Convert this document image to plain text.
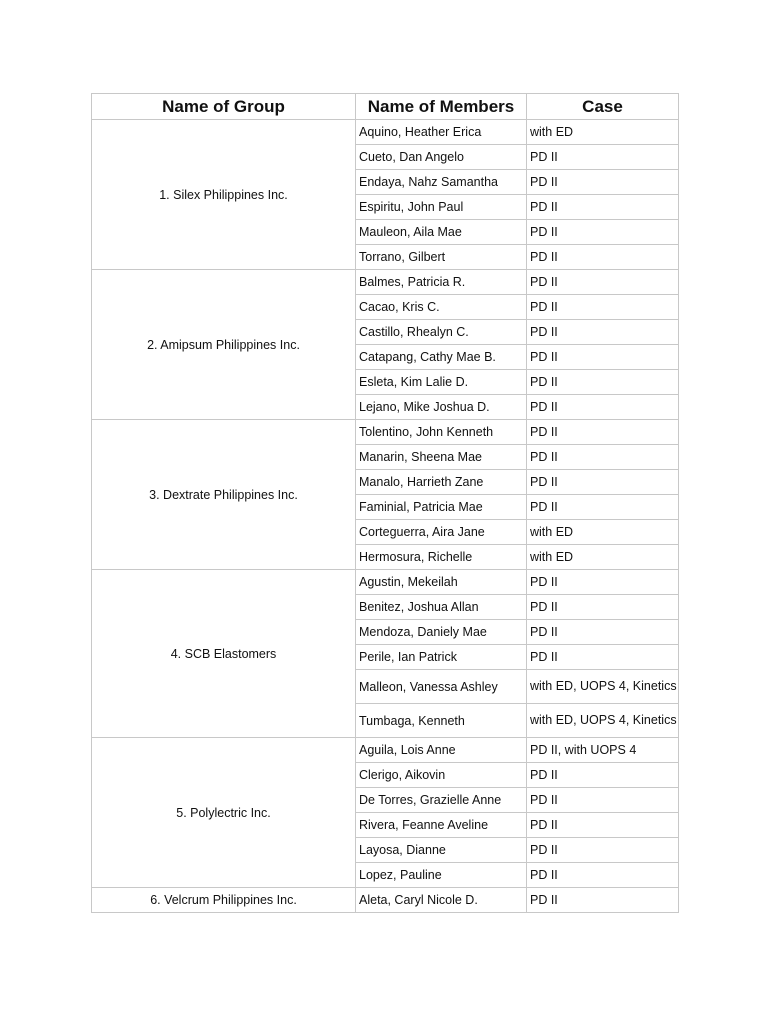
Name of Group	Name of Members	Case
1. Silex Philippines Inc.	Aquino, Heather Erica	with ED
	Cueto, Dan Angelo	PD II
	Endaya, Nahz Samantha	PD II
	Espiritu, John Paul	PD II
	Mauleon, Aila Mae	PD II
	Torrano, Gilbert	PD II
2. Amipsum Philippines Inc.	Balmes, Patricia R.	PD II
	Cacao, Kris C.	PD II
	Castillo, Rhealyn C.	PD II
	Catapang, Cathy Mae B.	PD II
	Esleta, Kim Lalie D.	PD II
	Lejano, Mike Joshua D.	PD II
3. Dextrate Philippines Inc.	Tolentino, John Kenneth	PD II
	Manarin, Sheena Mae	PD II
	Manalo, Harrieth Zane	PD II
	Faminial, Patricia Mae	PD II
	Corteguerra, Aira Jane	with ED
	Hermosura, Richelle	with ED
4. SCB Elastomers	Agustin, Mekeilah	PD II
	Benitez, Joshua Allan	PD II
	Mendoza, Daniely Mae	PD II
	Perile, Ian Patrick	PD II
	Malleon, Vanessa Ashley	with ED, UOPS 4, Kinetics
	Tumbaga, Kenneth	with ED, UOPS 4, Kinetics
5. Polylectric Inc.	Aguila, Lois Anne	PD II, with UOPS 4
	Clerigo, Aikovin	PD II
	De Torres, Grazielle Anne	PD II
	Rivera, Feanne Aveline	PD II
	Layosa, Dianne	PD II
	Lopez, Pauline	PD II
6. Velcrum Philippines Inc.	Aleta, Caryl Nicole D.	PD II
